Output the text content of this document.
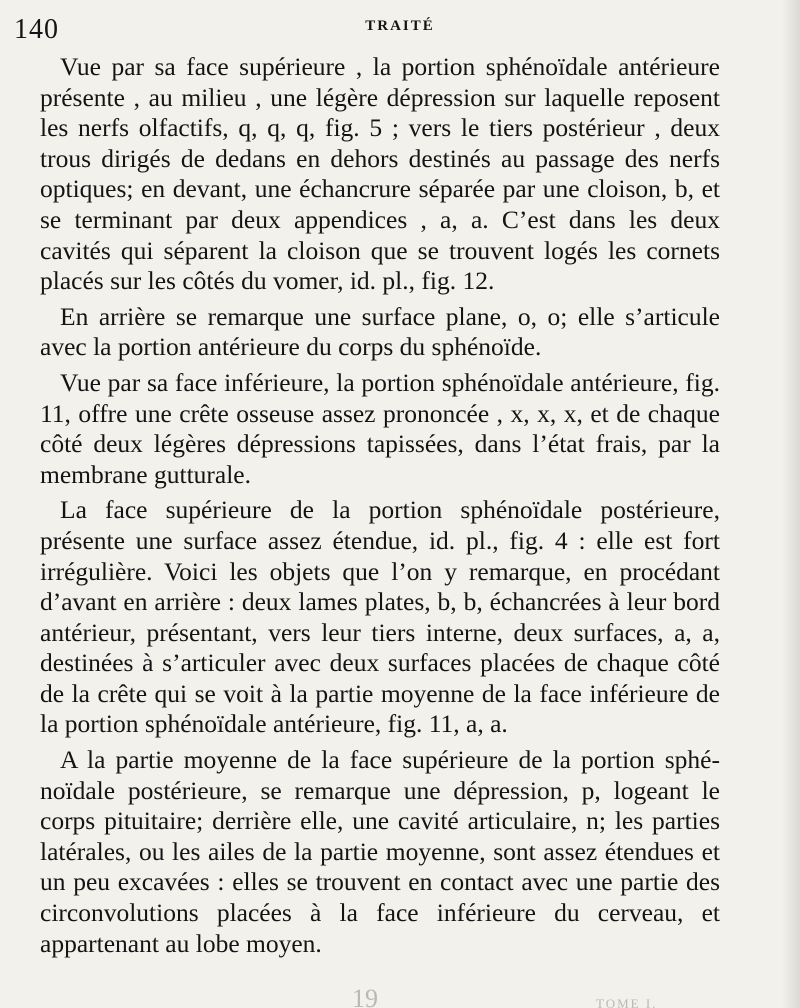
140	TRAITÉ

Vue par sa face supérieure , la portion sphénoïdale antérieure présente , au milieu , une légère dépression sur laquelle reposent les nerfs olfactifs, q, q, q, fig. 5 ; vers le tiers postérieur , deux trous dirigés de dedans en dehors destinés au passage des nerfs optiques; en devant, une échancrure séparée par une cloison, b, et se terminant par deux appendices , a, a. C’est dans les deux cavités qui séparent la cloison que se trouvent logés les cornets placés sur les côtés du vomer, id. pl., fig. 12.

En arrière se remarque une surface plane, o, o; elle s’articule avec la portion antérieure du corps du sphénoïde.

Vue par sa face inférieure, la portion sphénoïdale antérieure, fig. 11, offre une crête osseuse assez prononcée , x, x, x, et de chaque côté deux légères dépressions tapissées, dans l’état frais, par la membrane gutturale.

La face supérieure de la portion sphénoïdale postérieure, présente une surface assez étendue, id. pl., fig. 4 : elle est fort irrégulière. Voici les objets que l’on y remarque, en procédant d’avant en arrière : deux lames plates, b, b, échancrées à leur bord antérieur, présentant, vers leur tiers interne, deux surfaces, a, a, destinées à s’articuler avec deux surfaces placées de chaque côté de la crête qui se voit à la partie moyenne de la face inférieure de la portion sphénoïdale antérieure, fig. 11, a, a.

A la partie moyenne de la face supérieure de la portion sphénoïdale postérieure, se remarque une dépression, p, logeant le corps pituitaire; derrière elle, une cavité articulaire, n; les parties latérales, ou les ailes de la partie moyenne, sont assez étendues et un peu excavées : elles se trouvent en contact avec une partie des circonvolutions placées à la face inférieure du cerveau, et appartenant au lobe moyen.

19	TOME I.
